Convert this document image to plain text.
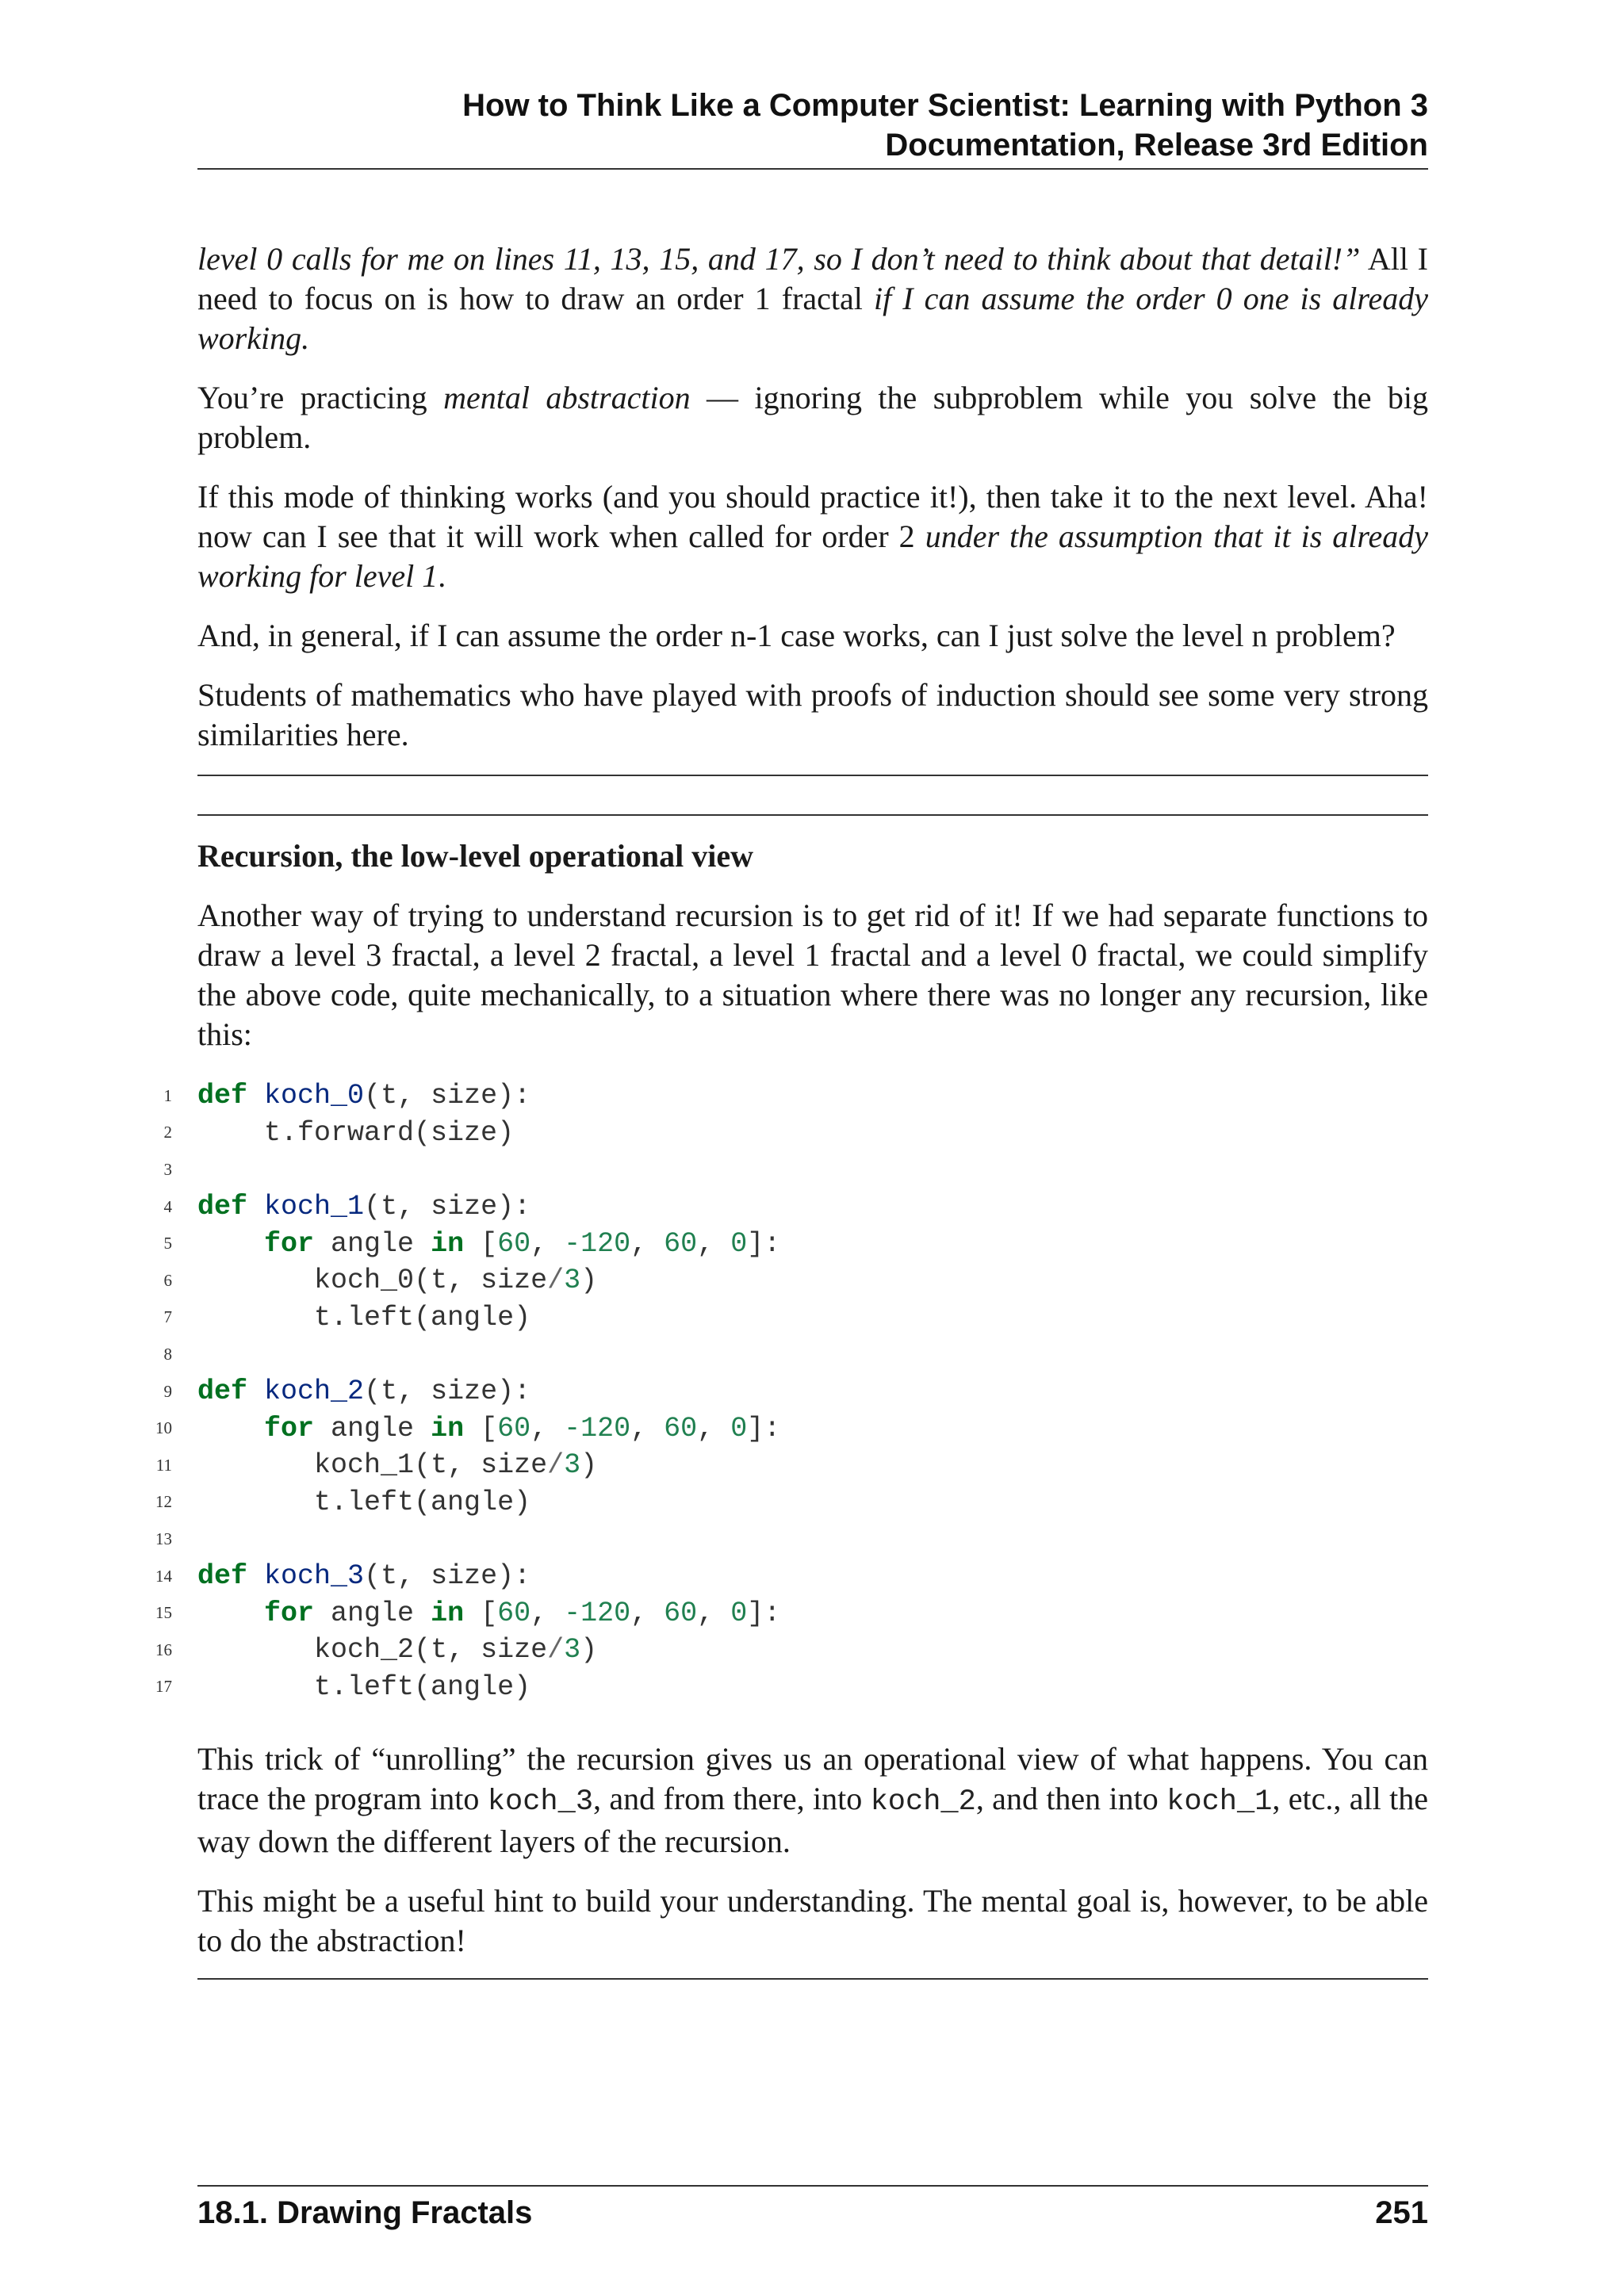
How to Think Like a Computer Scientist: Learning with Python 3
Documentation, Release 3rd Edition

level 0 calls for me on lines 11, 13, 15, and 17, so I don’t need to think about that detail!” All I need to focus on is how to draw an order 1 fractal if I can assume the order 0 one is already working.

You’re practicing mental abstraction — ignoring the subproblem while you solve the big problem.

If this mode of thinking works (and you should practice it!), then take it to the next level. Aha! now can I see that it will work when called for order 2 under the assumption that it is already working for level 1.

And, in general, if I can assume the order n-1 case works, can I just solve the level n problem?

Students of mathematics who have played with proofs of induction should see some very strong similarities here.

Recursion, the low-level operational view

Another way of trying to understand recursion is to get rid of it! If we had separate functions to draw a level 3 fractal, a level 2 fractal, a level 1 fractal and a level 0 fractal, we could simplify the above code, quite mechanically, to a situation where there was no longer any recursion, like this:

1 def koch_0(t, size):
2	t.forward(size)
3
4 def koch_1(t, size):
5	for angle in [60, -120, 60, 0]:
6	koch_0(t, size/3)
7	t.left(angle)
8
9 def koch_2(t, size):
10	for angle in [60, -120, 60, 0]:
11	koch_1(t, size/3)
12	t.left(angle)
13
14 def koch_3(t, size):
15	for angle in [60, -120, 60, 0]:
16	koch_2(t, size/3)
17	t.left(angle)

This trick of “unrolling” the recursion gives us an operational view of what happens. You can trace the program into koch_3, and from there, into koch_2, and then into koch_1, etc., all the way down the different layers of the recursion.

This might be a useful hint to build your understanding. The mental goal is, however, to be able to do the abstraction!

18.1. Drawing Fractals	251
